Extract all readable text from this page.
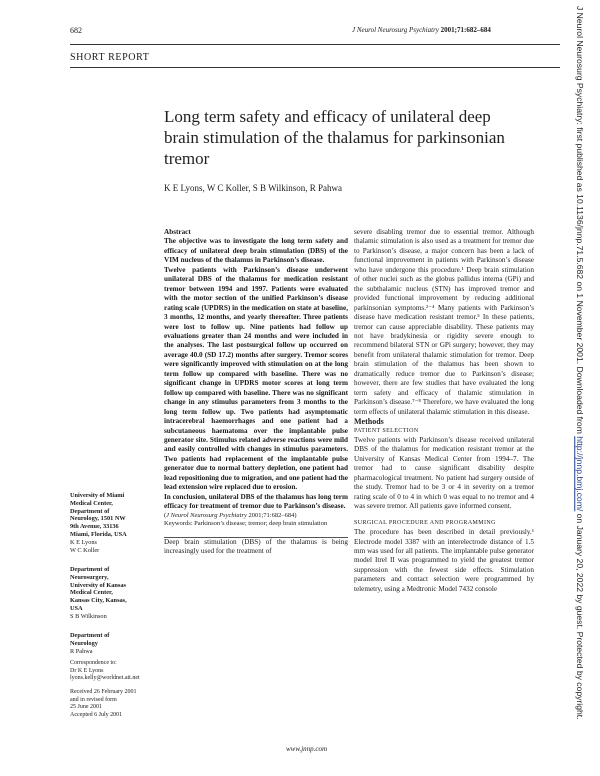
682	J Neurol Neurosurg Psychiatry 2001;71:682–684
SHORT REPORT
Long term safety and efficacy of unilateral deep brain stimulation of the thalamus for parkinsonian tremor
K E Lyons, W C Koller, S B Wilkinson, R Pahwa
University of Miami
Medical Center,
Department of
Neurology, 1501 NW
9th Avenue, 33136
Miami, Florida, USA
K E Lyons
W C Koller
Department of
Neurosurgery,
University of Kansas
Medical Center,
Kansas City, Kansas,
USA
S B Wilkinson
Department of
Neurology
R Pahwa
Correspondence to:
Dr K E Lyons
lyons.kelly@worldnet.att.net
Received 26 February 2001
and in revised form
25 June 2001
Accepted 6 July 2001

Abstract

The objective was to investigate the long term safety and efficacy of unilateral deep brain stimulation (DBS) of the VIM nucleus of the thalamus in Parkinson’s disease.

Twelve patients with Parkinson’s disease underwent unilateral DBS of the thalamus for medication resistant tremor between 1994 and 1997. Patients were evaluated with the motor section of the unified Parkinson’s disease rating scale (UPDRS) in the medication on state at baseline, 3 months, 12 months, and yearly thereafter. Three patients were lost to follow up. Nine patients had follow up evaluations greater than 24 months and were included in the analyses. The last postsurgical follow up occurred on average 40.0 (SD 17.2) months after surgery. Tremor scores were significantly improved with stimulation on at the long term follow up compared with baseline. There was no significant change in UPDRS motor scores at long term follow up compared with baseline. There was no significant change in any stimulus parameters from 3 months to the long term follow up. Two patients had asymptomatic intracerebral haemorrhages and one patient had a subcutaneous haematoma over the implantable pulse generator site. Stimulus related adverse reactions were mild and easily controlled with changes in stimulus parameters. Two patients had replacement of the implantable pulse generator due to normal battery depletion, one patient had lead repositioning due to migration, and one patient had the lead extension wire replaced due to erosion.

In conclusion, unilateral DBS of the thalamus has long term efficacy for treatment of tremor due to Parkinson’s disease.

(J Neurol Neurosurg Psychiatry 2001;71:682–684)

Keywords: Parkinson’s disease; tremor; deep brain stimulation

Deep brain stimulation (DBS) of the thalamus is being increasingly used for the treatment of

severe disabling tremor due to essential tremor. Although thalamic stimulation is also used as a treatment for tremor due to Parkinson’s disease, a major concern has been a lack of functional improvement in patients with Parkinson’s disease who have undergone this procedure.¹ Deep brain stimulation of other nuclei such as the globus pallidus interna (GPi) and the subthalamic nucleus (STN) has improved tremor and provided functional improvement by reducing additional parkinsonian symptoms.²⁻⁴ Many patients with Parkinson’s disease have medication resistant tremor.⁵ In these patients, tremor can cause appreciable disability. These patients may not have bradykinesia or rigidity severe enough to recommend bilateral STN or GPi surgery; however, they may benefit from unilateral thalamic stimulation for tremor. Deep brain stimulation of the thalamus has been shown to dramatically reduce tremor due to Parkinson’s disease; however, there are few studies that have evaluated the long term safety and efficacy of thalamic stimulation in Parkinson’s disease.⁷⁻⁸ Therefore, we have evaluated the long term effects of unilateral thalamic stimulation in this disease.

Methods

PATIENT SELECTION

Twelve patients with Parkinson’s disease received unilateral DBS of the thalamus for medication resistant tremor at the University of Kansas Medical Center from 1994–7. The tremor had to cause significant disability despite pharmacological treatment. No patient had surgery outside of the study. Tremor had to be 3 or 4 in severity on a tremor rating scale of 0 to 4 in which 0 was equal to no tremor and 4 was severe tremor. All patients gave informed consent.

SURGICAL PROCEDURE AND PROGRAMMING

The procedure has been described in detail previously.¹ Electrode model 3387 with an interelectrode distance of 1.5 mm was used for all patients. The implantable pulse generator model Itrel II was programmed to yield the greatest tremor suppression with the fewest side effects. Stimulation parameters and contact selection were programmed by telemetry, using a Medtronic Model 7432 console

www.jnnp.com
J Neurol Neurosurg Psychiatry: first published as 10.1136/jnnp.71.5.682 on 1 November 2001. Downloaded from http://jnnp.bmj.com/ on January 20, 2022 by guest. Protected by copyright.
